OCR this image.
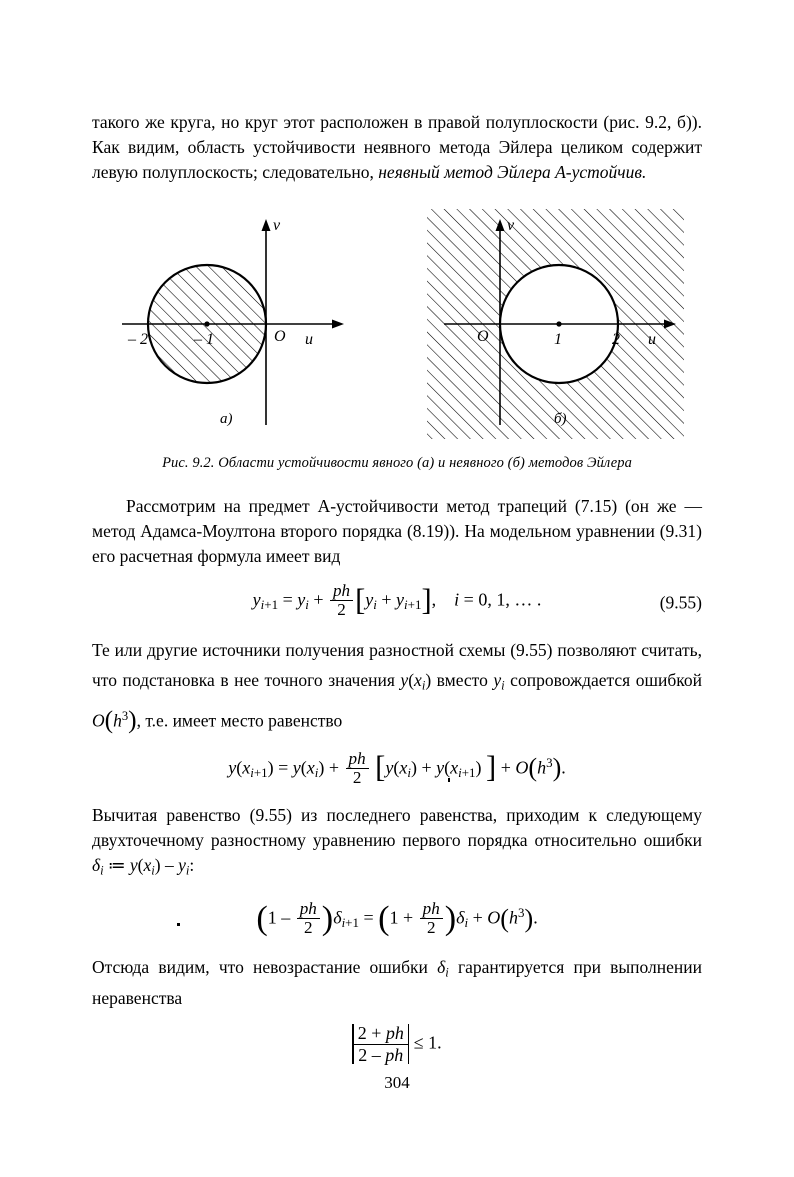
такого же круга, но круг этот расположен в правой полуплоскости (рис. 9.2, б)). Как видим, область устойчивости неявного метода Эйлера целиком содержит левую полуплоскость; следовательно, неявный метод Эйлера А-устойчив.

– 2	– 1	O u
v
O	1	2 u
v
а)	б)
Рис. 9.2. Области устойчивости явного (а) и неявного (б) методов Эйлера

Рассмотрим на предмет А-устойчивости метод трапеций (7.15) (он же — метод Адамса-Моултона второго порядка (8.19)). На модельном уравнении (9.31) его расчетная формула имеет вид

$y_{i+1} = y_i + \frac{ph}{2} [y_i + y_{i+1}]$,    i = 0, 1, … .	(9.55)

Те или другие источники получения разностной схемы (9.55) позволяют считать, что подстановка в нее точного значения $y(x_i)$ вместо $y_i$ сопровождается ошибкой $O(h^3)$, т.е. имеет место равенство

$y(x_{i+1}) = y(x_i) + \frac{ph}{2} [y(x_i) + y(x_{i+1})$ ] + $O(h^3)$.

Вычитая равенство (9.55) из последнего равенства, приходим к следующему двухточечному разностному уравнению первого порядка относительно ошибки $\delta_i$ ≔ $y(x_i) - y_i$:

$(1 - \frac{ph}{2} )\delta_{i+1} = (1 + \frac{ph}{2} )\delta_i + O(h^3)$.

Отсюда видим, что невозрастание ошибки $\delta_i$ гарантируется при выполнении неравенства

$\frac{2 + ph}{2 - ph} \le 1$.
304
